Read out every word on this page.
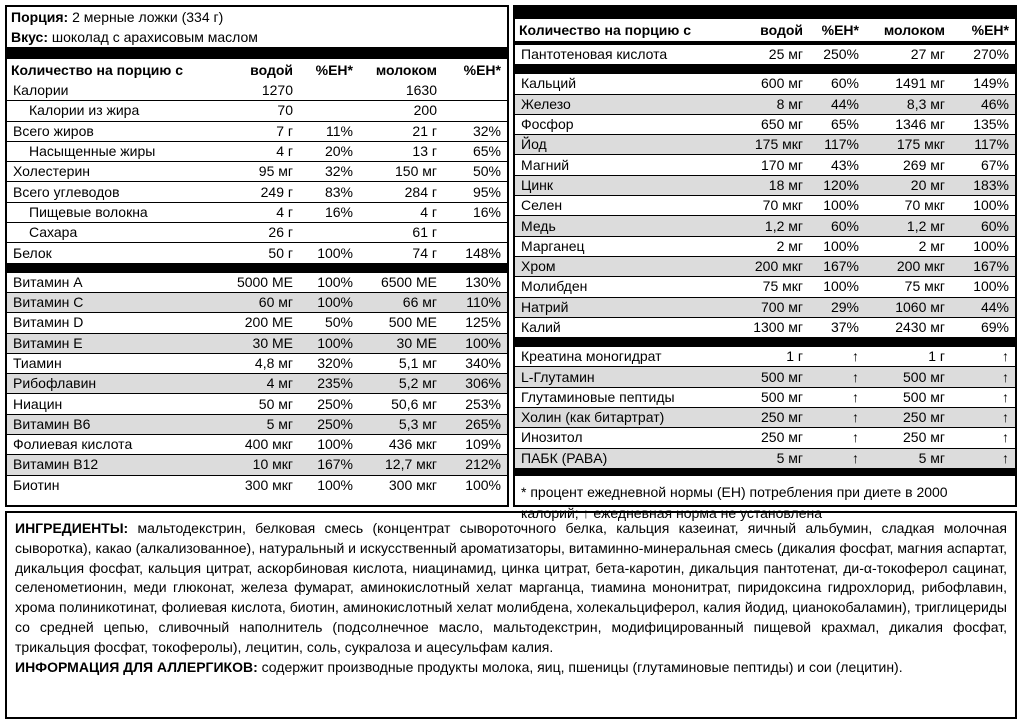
Порция: 2 мерные ложки (334 г)
Вкус: шоколад с арахисовым маслом
Количество на порцию с	водой	%ЕН*	молоком	%ЕН*
Калории	1270		1630	

Калории из жира	70		200	

Всего жиров	7 г	11%	21 г	32%

Насыщенные жиры	4 г	20%	13 г	65%

Холестерин	95 мг	32%	150 мг	50%

Всего углеводов	249 г	83%	284 г	95%

Пищевые волокна	4 г	16%	4 г	16%

Сахара	26 г		61 г	

Белок	50 г	100%	74 г	148%
Витамин A	5000 МЕ	100%	6500 МЕ	130%

Витамин C	60 мг	100%	66 мг	110%

Витамин D	200 МЕ	50%	500 МЕ	125%

Витамин E	30 МЕ	100%	30 МЕ	100%

Тиамин	4,8 мг	320%	5,1 мг	340%

Рибофлавин	4 мг	235%	5,2 мг	306%

Ниацин	50 мг	250%	50,6 мг	253%

Витамин B6	5 мг	250%	5,3 мг	265%

Фолиевая кислота	400 мкг	100%	436 мкг	109%

Витамин B12	10 мкг	167%	12,7 мкг	212%

Биотин	300 мкг	100%	300 мкг	100%
Количество на порцию с	водой	%ЕН*	молоком	%ЕН*
Пантотеновая кислота	25 мг	250%	27 мг	270%
Кальций	600 мг	60%	1491 мг	149%

Железо	8 мг	44%	8,3 мг	46%

Фосфор	650 мг	65%	1346 мг	135%

Йод	175 мкг	117%	175 мкг	117%

Магний	170 мг	43%	269 мг	67%

Цинк	18 мг	120%	20 мг	183%

Селен	70 мкг	100%	70 мкг	100%

Медь	1,2 мг	60%	1,2 мг	60%

Марганец	2 мг	100%	2 мг	100%

Хром	200 мкг	167%	200 мкг	167%

Молибден	75 мкг	100%	75 мкг	100%

Натрий	700 мг	29%	1060 мг	44%

Калий	1300 мг	37%	2430 мг	69%
Креатина моногидрат	1 г	↑	1 г	↑

L-Глутамин	500 мг	↑	500 мг	↑

Глутаминовые пептиды	500 мг	↑	500 мг	↑

Холин (как битартрат)	250 мг	↑	250 мг	↑

Инозитол	250 мг	↑	250 мг	↑

ПАБК (PABA)	5 мг	↑	5 мг	↑
* процент ежедневной нормы (ЕН) потребления при диете в 2000 калорий; ↑ ежедневная норма не установлена

ИНГРЕДИЕНТЫ: мальтодекстрин, белковая смесь (концентрат сывороточного белка, кальция казеинат, яичный альбумин, сладкая молочная сыворотка), какао (алкализованное), натуральный и искусственный ароматизаторы, витаминно-минеральная смесь (дикалия фосфат, магния аспартат, дикальция фосфат, кальция цитрат, аскорбиновая кислота, ниацинамид, цинка цитрат, бета-каротин, дикальция пантотенат, ди-α-токоферол сацинат, селенометионин, меди глюконат, железа фумарат, аминокислотный хелат марганца, тиамина мононитрат, пиридоксина гидрохлорид, рибофлавин, хрома полиникотинат, фолиевая кислота, биотин, аминокислотный хелат молибдена, холекальциферол, калия йодид, цианокобаламин), триглицериды со средней цепью, сливочный наполнитель (подсолнечное масло, мальтодекстрин, модифицированный пищевой крахмал, дикалия фосфат, трикальция фосфат, токоферолы), лецитин, соль, сукралоза и ацесульфам калия.

ИНФОРМАЦИЯ ДЛЯ АЛЛЕРГИКОВ: содержит производные продукты молока, яиц, пшеницы (глутаминовые пептиды) и сои (лецитин).
